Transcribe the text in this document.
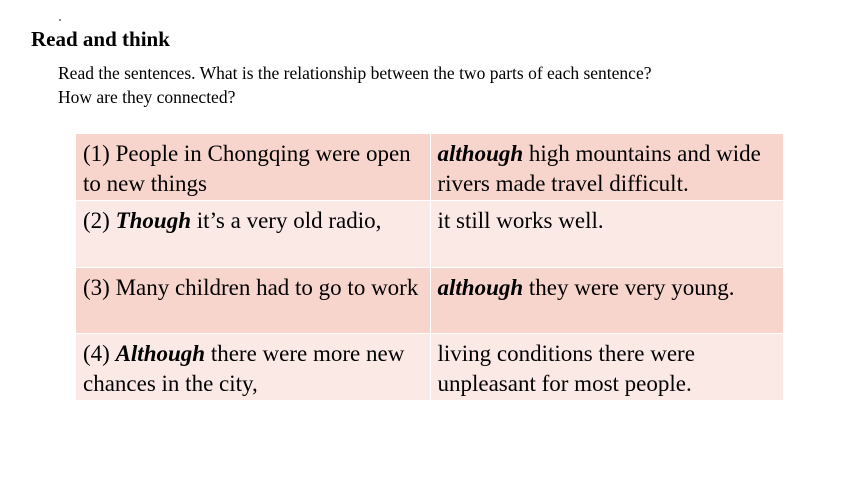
Read and think
Read the sentences. What is the relationship between the two parts of each sentence?
How are they connected?
(1) People in Chongqing were open to new things	although high mountains and wide rivers made travel difficult.
(2) Though it’s a very old radio,	it still works well.
(3) Many children had to go to work	although they were very young.
(4) Although there were more new chances in the city,	living conditions there were unpleasant for most people.
